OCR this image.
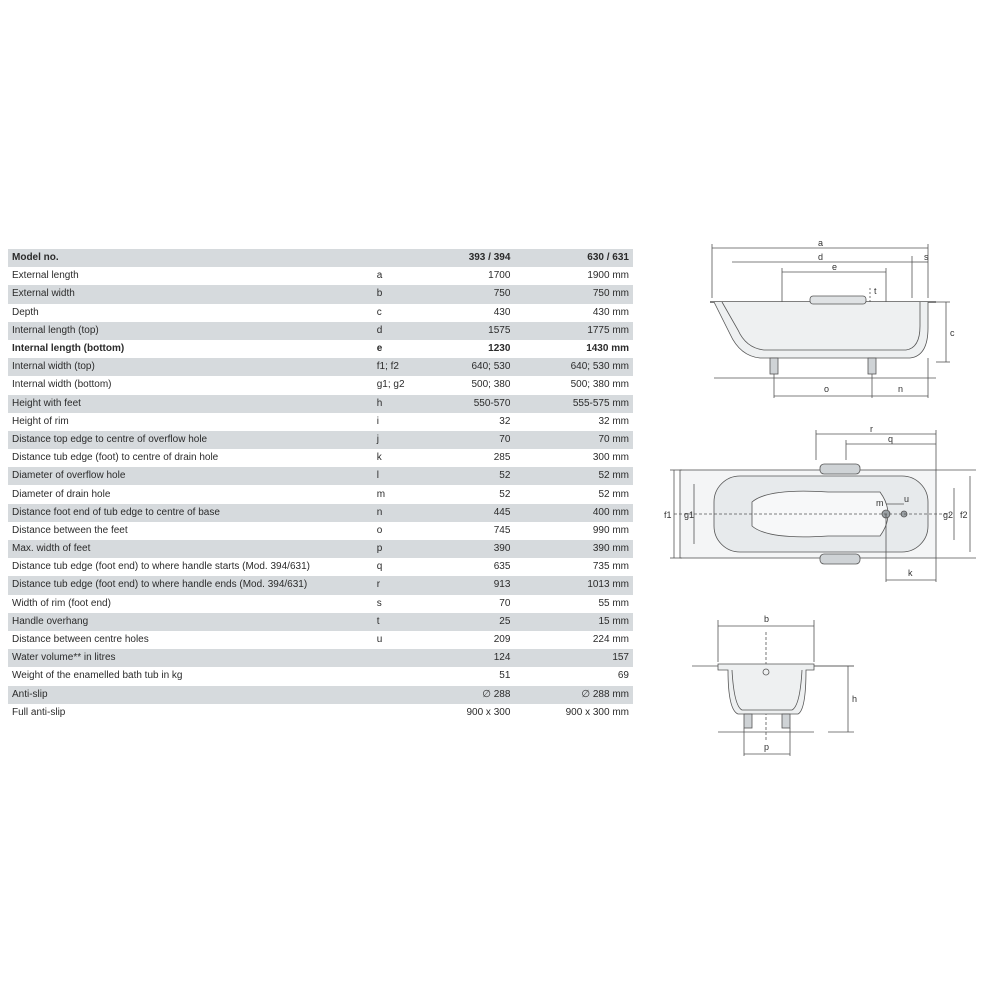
Model no.		393 / 394	630 / 631
External length	a	1700	1900 mm
External width	b	750	750 mm
Depth	c	430	430 mm
Internal length (top)	d	1575	1775 mm
Internal length (bottom)	e	1230	1430 mm
Internal width (top)	f1; f2	640; 530	640; 530 mm
Internal width (bottom)	g1; g2	500; 380	500; 380 mm
Height with feet	h	550-570	555-575 mm
Height of rim	i	32	32 mm
Distance top edge to centre of overflow hole	j	70	70 mm
Distance tub edge (foot) to centre of drain hole	k	285	300 mm
Diameter of overflow hole	l	52	52 mm
Diameter of drain hole	m	52	52 mm
Distance foot end of tub edge to centre of base	n	445	400 mm
Distance between the feet	o	745	990 mm
Max. width of feet	p	390	390 mm
Distance tub edge (foot end) to where handle starts (Mod. 394/631)	q	635	735 mm
Distance tub edge (foot end) to where handle ends (Mod. 394/631)	r	913	1013 mm
Width of rim (foot end)	s	70	55 mm
Handle overhang	t	25	15 mm
Distance between centre holes	u	209	224 mm
Water volume** in litres		124	157
Weight of the enamelled bath tub in kg		51	69
Anti-slip		∅ 288	∅ 288 mm
Full anti-slip		900 x 300	900 x 300 mm
a
d	s
e
t
c
o	n
r
q
f1 g1
m u
g2 f2
k
b
h
p
